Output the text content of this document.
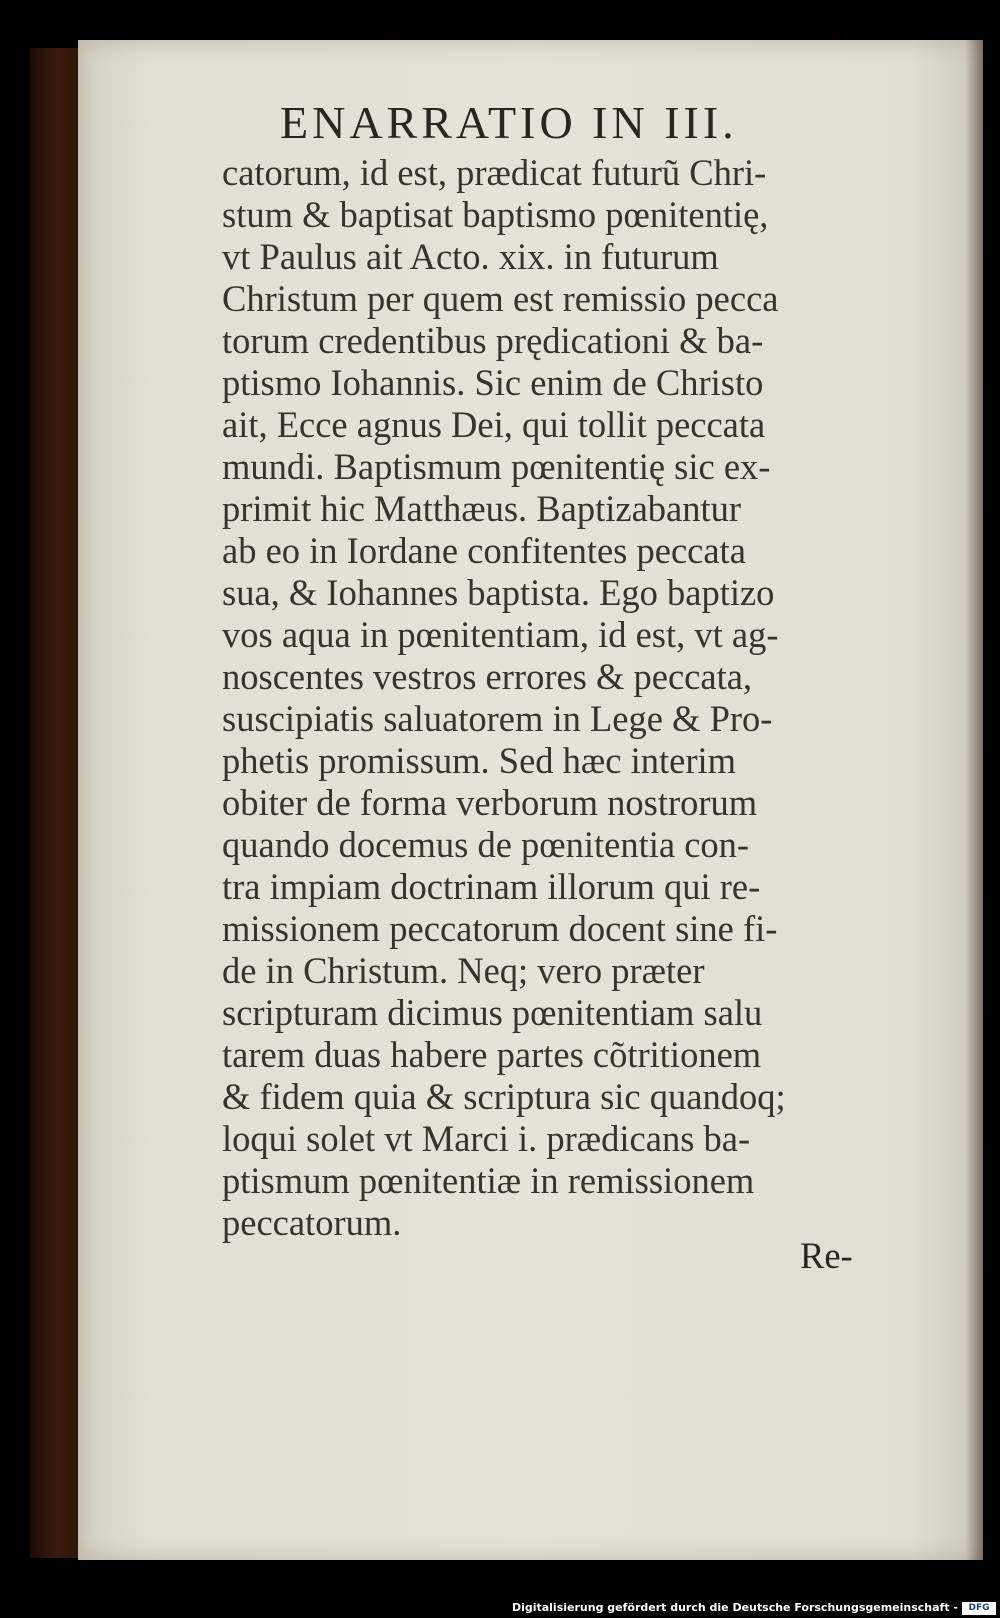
ENARRATIO IN III.
catorum, id est, prædicat futurũ Chri-
stum & baptisat baptismo pœnitentię,
vt Paulus ait Acto. xix. in futurum
Christum per quem est remissio pecca
torum credentibus prędicationi & ba-
ptismo Iohannis. Sic enim de Christo
ait, Ecce agnus Dei, qui tollit peccata
mundi. Baptismum pœnitentię sic ex-
primit hic Matthæus. Baptizabantur
ab eo in Iordane confitentes peccata
sua, & Iohannes baptista. Ego baptizo
vos aqua in pœnitentiam, id est, vt ag-
noscentes vestros errores & peccata,
suscipiatis saluatorem in Lege & Pro-
phetis promissum. Sed hæc interim
obiter de forma verborum nostrorum
quando docemus de pœnitentia con-
tra impiam doctrinam illorum qui re-
missionem peccatorum docent sine fi-
de in Christum. Neq; vero præter
scripturam dicimus pœnitentiam salu
tarem duas habere partes cõtritionem
& fidem quia & scriptura sic quandoq;
loqui solet vt Marci i. prædicans ba-
ptismum pœnitentiæ in remissionem
peccatorum.
Re-
Digitalisierung gefördert durch die Deutsche Forschungsgemeinschaft -	DFG
